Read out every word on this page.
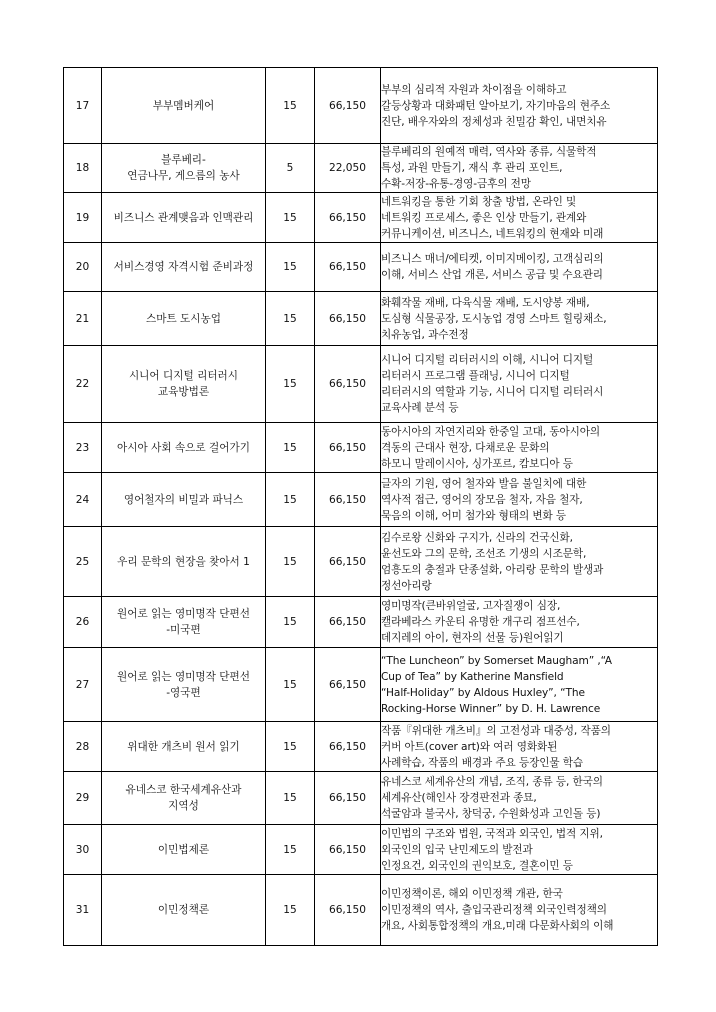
17	부부멤버케어	15	66,150	부부의 심리적 자원과 차이점을 이해하고
갈등상황과 대화패턴 알아보기, 자기마음의 현주소
진단, 배우자와의 정체성과 친밀감 확인, 내면치유

18	블루베리-
연금나무, 게으름의 농사	5	22,050	블루베리의 원예적 매력, 역사와 종류, 식물학적
특성, 과원 만들기, 재식 후 관리 포인트,
수확-저장-유통-경영-금후의 전망

19	비즈니스 관계맺음과 인맥관리	15	66,150	네트워킹을 통한 기회 창출 방법, 온라인 및
네트워킹 프로세스, 좋은 인상 만들기, 관계와
커뮤니케이션, 비즈니스, 네트워킹의 현재와 미래

20	서비스경영 자격시험 준비과정	15	66,150	비즈니스 매너/에티켓, 이미지메이킹, 고객심리의
이해, 서비스 산업 개론, 서비스 공급 및 수요관리

21	스마트 도시농업	15	66,150	화훼작물 재배, 다육식물 재배, 도시양봉 재배,
도심형 식물공장, 도시농업 경영 스마트 힐링채소,
치유농업, 과수전정

22	시니어 디지털 리터러시
교육방법론	15	66,150	시니어 디지털 리터러시의 이해, 시니어 디지털
리터러시 프로그램 플래닝, 시니어 디지털
리터러시의 역할과 기능, 시니어 디지털 리터러시
교육사례 분석 등

23	아시아 사회 속으로 걸어가기	15	66,150	동아시아의 자연지리와 한중일 고대, 동아시아의
격동의 근대사 현장, 다채로운 문화의
하모니 말레이시아, 싱가포르, 캄보디아 등

24	영어철자의 비밀과 파닉스	15	66,150	글자의 기원, 영어 철자와 발음 불일치에 대한
역사적 접근, 영어의 장모음 철자, 자음 철자,
묵음의 이해, 어미 첨가와 형태의 변화 등

25	우리 문학의 현장을 찾아서 1	15	66,150	김수로왕 신화와 구지가, 신라의 건국신화,
윤선도와 그의 문학, 조선조 기생의 시조문학,
엄흥도의 충절과 단종설화, 아리랑 문학의 발생과
정선아리랑

26	원어로 읽는 영미명작 단편선
-미국편	15	66,150	영미명작(큰바위얼굴, 고자질쟁이 심장,
캘라베라스 카운티 유명한 개구리 점프선수,
데지레의 아이, 현자의 선물 등)원어읽기

27	원어로 읽는 영미명작 단편선
-영국편	15	66,150	“The Luncheon” by Somerset Maugham” ,“A
Cup of Tea” by Katherine Mansfield
“Half-Holiday” by Aldous Huxley”, “The
Rocking-Horse Winner” by D. H. Lawrence

28	위대한 개츠비 원서 읽기	15	66,150	작품『위대한 개츠비』의 고전성과 대중성, 작품의
커버 아트(cover art)와 여러 영화화된
사례학습, 작품의 배경과 주요 등장인물 학습

29	유네스코 한국세계유산과
지역성	15	66,150	유네스코 세계유산의 개념, 조직, 종류 등, 한국의
세계유산(해인사 장경판전과 종묘,
석굴암과 불국사, 창덕궁, 수원화성과 고인돌 등)

30	이민법제론	15	66,150	이민법의 구조와 법원, 국적과 외국인, 법적 지위,
외국인의 입국 난민제도의 발전과
인정요건, 외국인의 권익보호, 결혼이민 등

31	이민정책론	15	66,150	이민정책이론, 해외 이민정책 개관, 한국
이민정책의 역사, 출입국관리정책 외국인력정책의
개요, 사회통합정책의 개요,미래 다문화사회의 이해
